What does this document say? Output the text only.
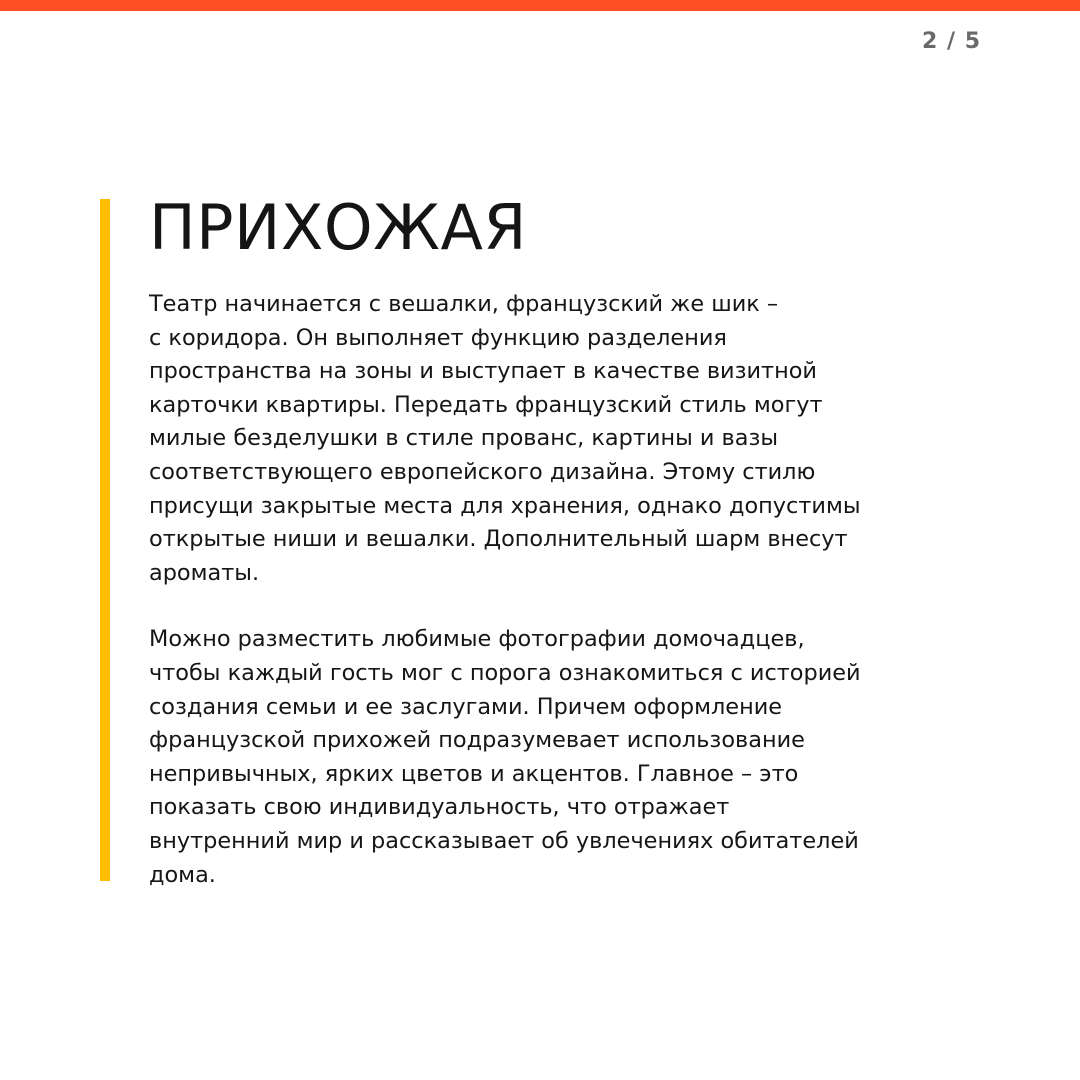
2 / 5
ПРИХОЖАЯ

Театр начинается с вешалки, французский же шик –
с коридора. Он выполняет функцию разделения
пространства на зоны и выступает в качестве визитной
карточки квартиры. Передать французский стиль могут
милые безделушки в стиле прованс, картины и вазы
соответствующего европейского дизайна. Этому стилю
присущи закрытые места для хранения, однако допустимы
открытые ниши и вешалки. Дополнительный шарм внесут
ароматы.

Можно разместить любимые фотографии домочадцев,
чтобы каждый гость мог с порога ознакомиться с историей
создания семьи и ее заслугами. Причем оформление
французской прихожей подразумевает использование
непривычных, ярких цветов и акцентов. Главное – это
показать свою индивидуальность, что отражает
внутренний мир и рассказывает об увлечениях обитателей
дома.
